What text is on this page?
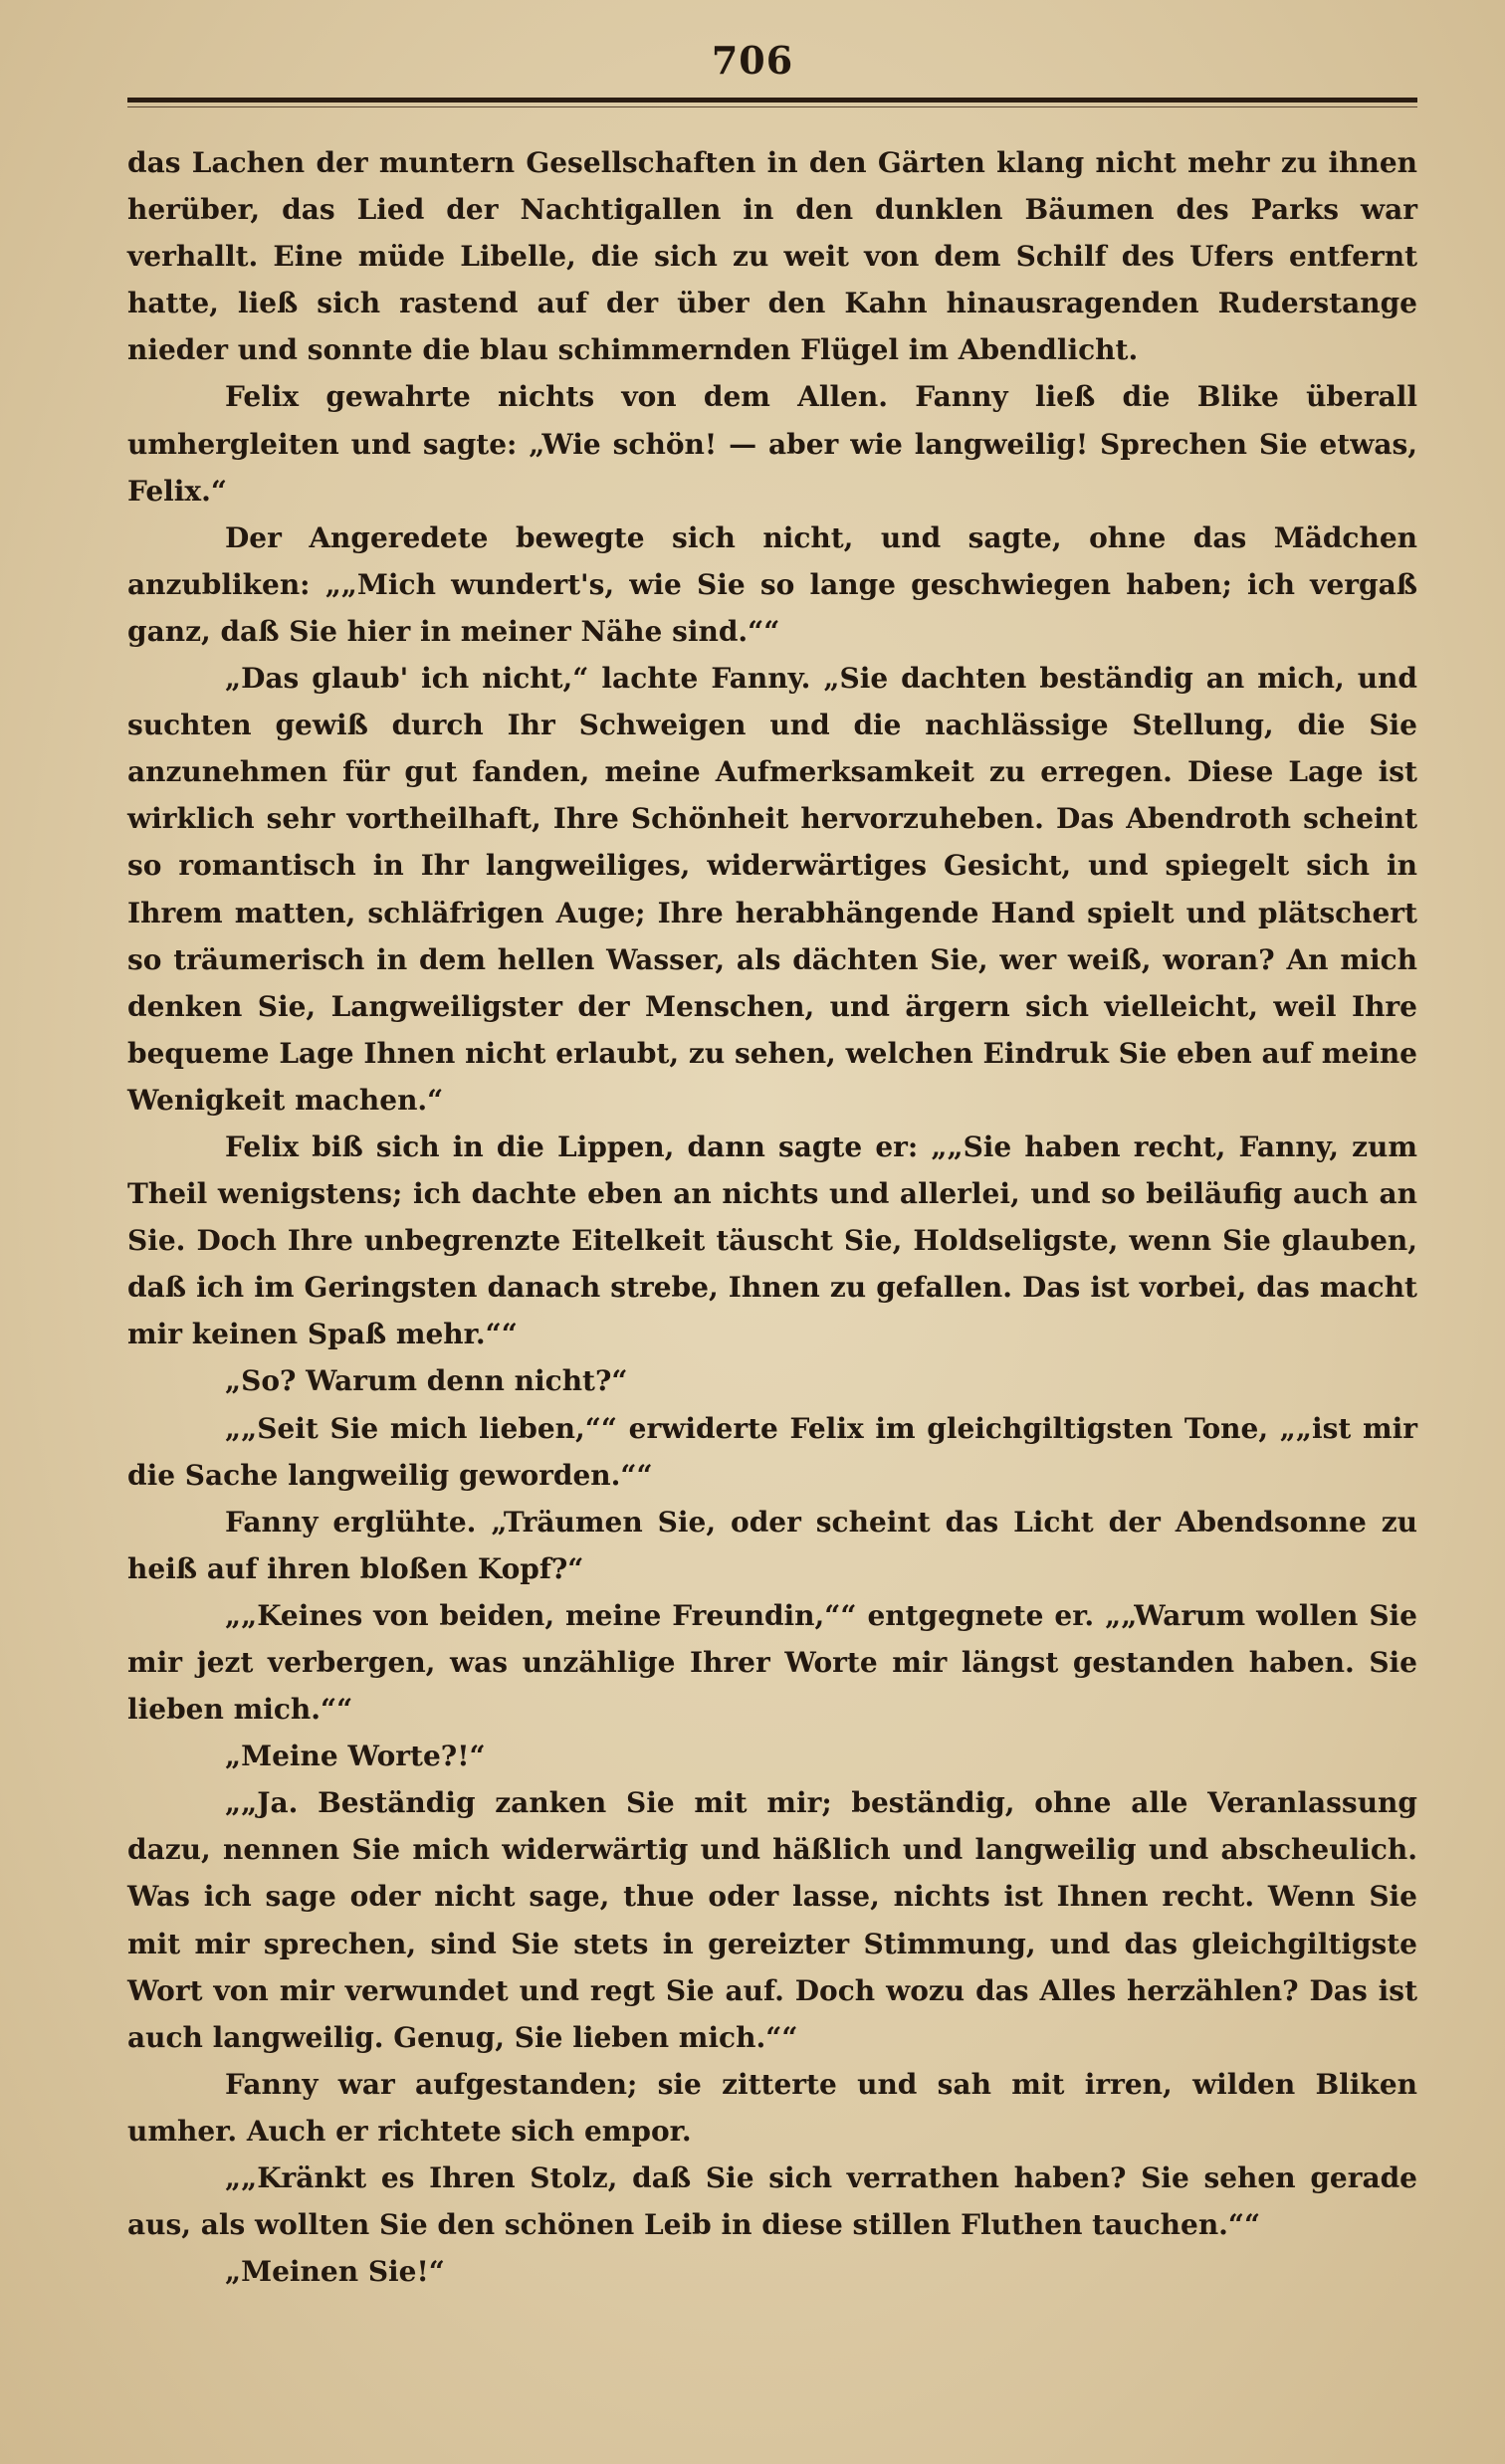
706

das Lachen der muntern Gesellschaften in den Gärten klang nicht mehr zu ihnen herüber, das Lied der Nachtigallen in den dunklen Bäumen des Parks war verhallt. Eine müde Libelle, die sich zu weit von dem Schilf des Ufers entfernt hatte, ließ sich rastend auf der über den Kahn hinausragenden Ruderstange nieder und sonnte die blau schimmernden Flügel im Abendlicht.

Felix gewahrte nichts von dem Allen. Fanny ließ die Blike überall umhergleiten und sagte: „Wie schön! — aber wie langweilig! Sprechen Sie etwas, Felix.“

Der Angeredete bewegte sich nicht, und sagte, ohne das Mädchen anzubliken: „„Mich wundert's, wie Sie so lange geschwiegen haben; ich vergaß ganz, daß Sie hier in meiner Nähe sind.““

„Das glaub' ich nicht,“ lachte Fanny. „Sie dachten beständig an mich, und suchten gewiß durch Ihr Schweigen und die nachlässige Stellung, die Sie anzunehmen für gut fanden, meine Aufmerksamkeit zu erregen. Diese Lage ist wirklich sehr vortheilhaft, Ihre Schönheit hervorzuheben. Das Abendroth scheint so romantisch in Ihr langweiliges, widerwärtiges Gesicht, und spiegelt sich in Ihrem matten, schläfrigen Auge; Ihre herabhängende Hand spielt und plätschert so träumerisch in dem hellen Wasser, als dächten Sie, wer weiß, woran? An mich denken Sie, Langweiligster der Menschen, und ärgern sich vielleicht, weil Ihre bequeme Lage Ihnen nicht erlaubt, zu sehen, welchen Eindruk Sie eben auf meine Wenigkeit machen.“

Felix biß sich in die Lippen, dann sagte er: „„Sie haben recht, Fanny, zum Theil wenigstens; ich dachte eben an nichts und allerlei, und so beiläufig auch an Sie. Doch Ihre unbegrenzte Eitelkeit täuscht Sie, Holdseligste, wenn Sie glauben, daß ich im Geringsten danach strebe, Ihnen zu gefallen. Das ist vorbei, das macht mir keinen Spaß mehr.““

„So? Warum denn nicht?“

„„Seit Sie mich lieben,““ erwiderte Felix im gleichgiltigsten Tone, „„ist mir die Sache langweilig geworden.““

Fanny erglühte. „Träumen Sie, oder scheint das Licht der Abendsonne zu heiß auf ihren bloßen Kopf?“

„„Keines von beiden, meine Freundin,““ entgegnete er. „„Warum wollen Sie mir jezt verbergen, was unzählige Ihrer Worte mir längst gestanden haben. Sie lieben mich.““

„Meine Worte?!“

„„Ja. Beständig zanken Sie mit mir; beständig, ohne alle Veranlassung dazu, nennen Sie mich widerwärtig und häßlich und langweilig und abscheulich. Was ich sage oder nicht sage, thue oder lasse, nichts ist Ihnen recht. Wenn Sie mit mir sprechen, sind Sie stets in gereizter Stimmung, und das gleichgiltigste Wort von mir verwundet und regt Sie auf. Doch wozu das Alles herzählen? Das ist auch langweilig. Genug, Sie lieben mich.““

Fanny war aufgestanden; sie zitterte und sah mit irren, wilden Bliken umher. Auch er richtete sich empor.

„„Kränkt es Ihren Stolz, daß Sie sich verrathen haben? Sie sehen gerade aus, als wollten Sie den schönen Leib in diese stillen Fluthen tauchen.““

„Meinen Sie!“
